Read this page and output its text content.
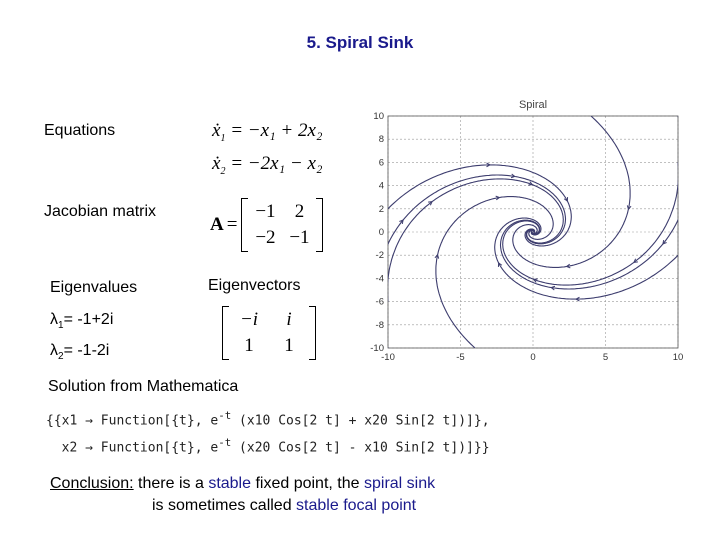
5. Spiral Sink
Equations	ẋ$_1$ = −x₁ + 2x₂
ẋ$_2$ = −2x₁ − x₂
Jacobian matrix
A =
−1	2
−2 −1
Eigenvalues	Eigenvectors
$\lambda_1= -1+2i$
$\lambda_2= -1-2i$
−i	i
1	1
Solution from Mathematica
{{x1 → Function[{t}, $e^{-t}$ (x10 Cos[2 t] + x20 Sin[2 t])]},
x2 → Function[{t}, $e^{-t}$ (x20 Cos[2 t] - x10 Sin[2 t])]}}
Conclusion: there is a stable fixed point, the spiral sink
is sometimes called stable focal point
Spiral
-10	-5	0	5	10
10
8
6
4
2
0
-2
-4
-6
-8
-10
